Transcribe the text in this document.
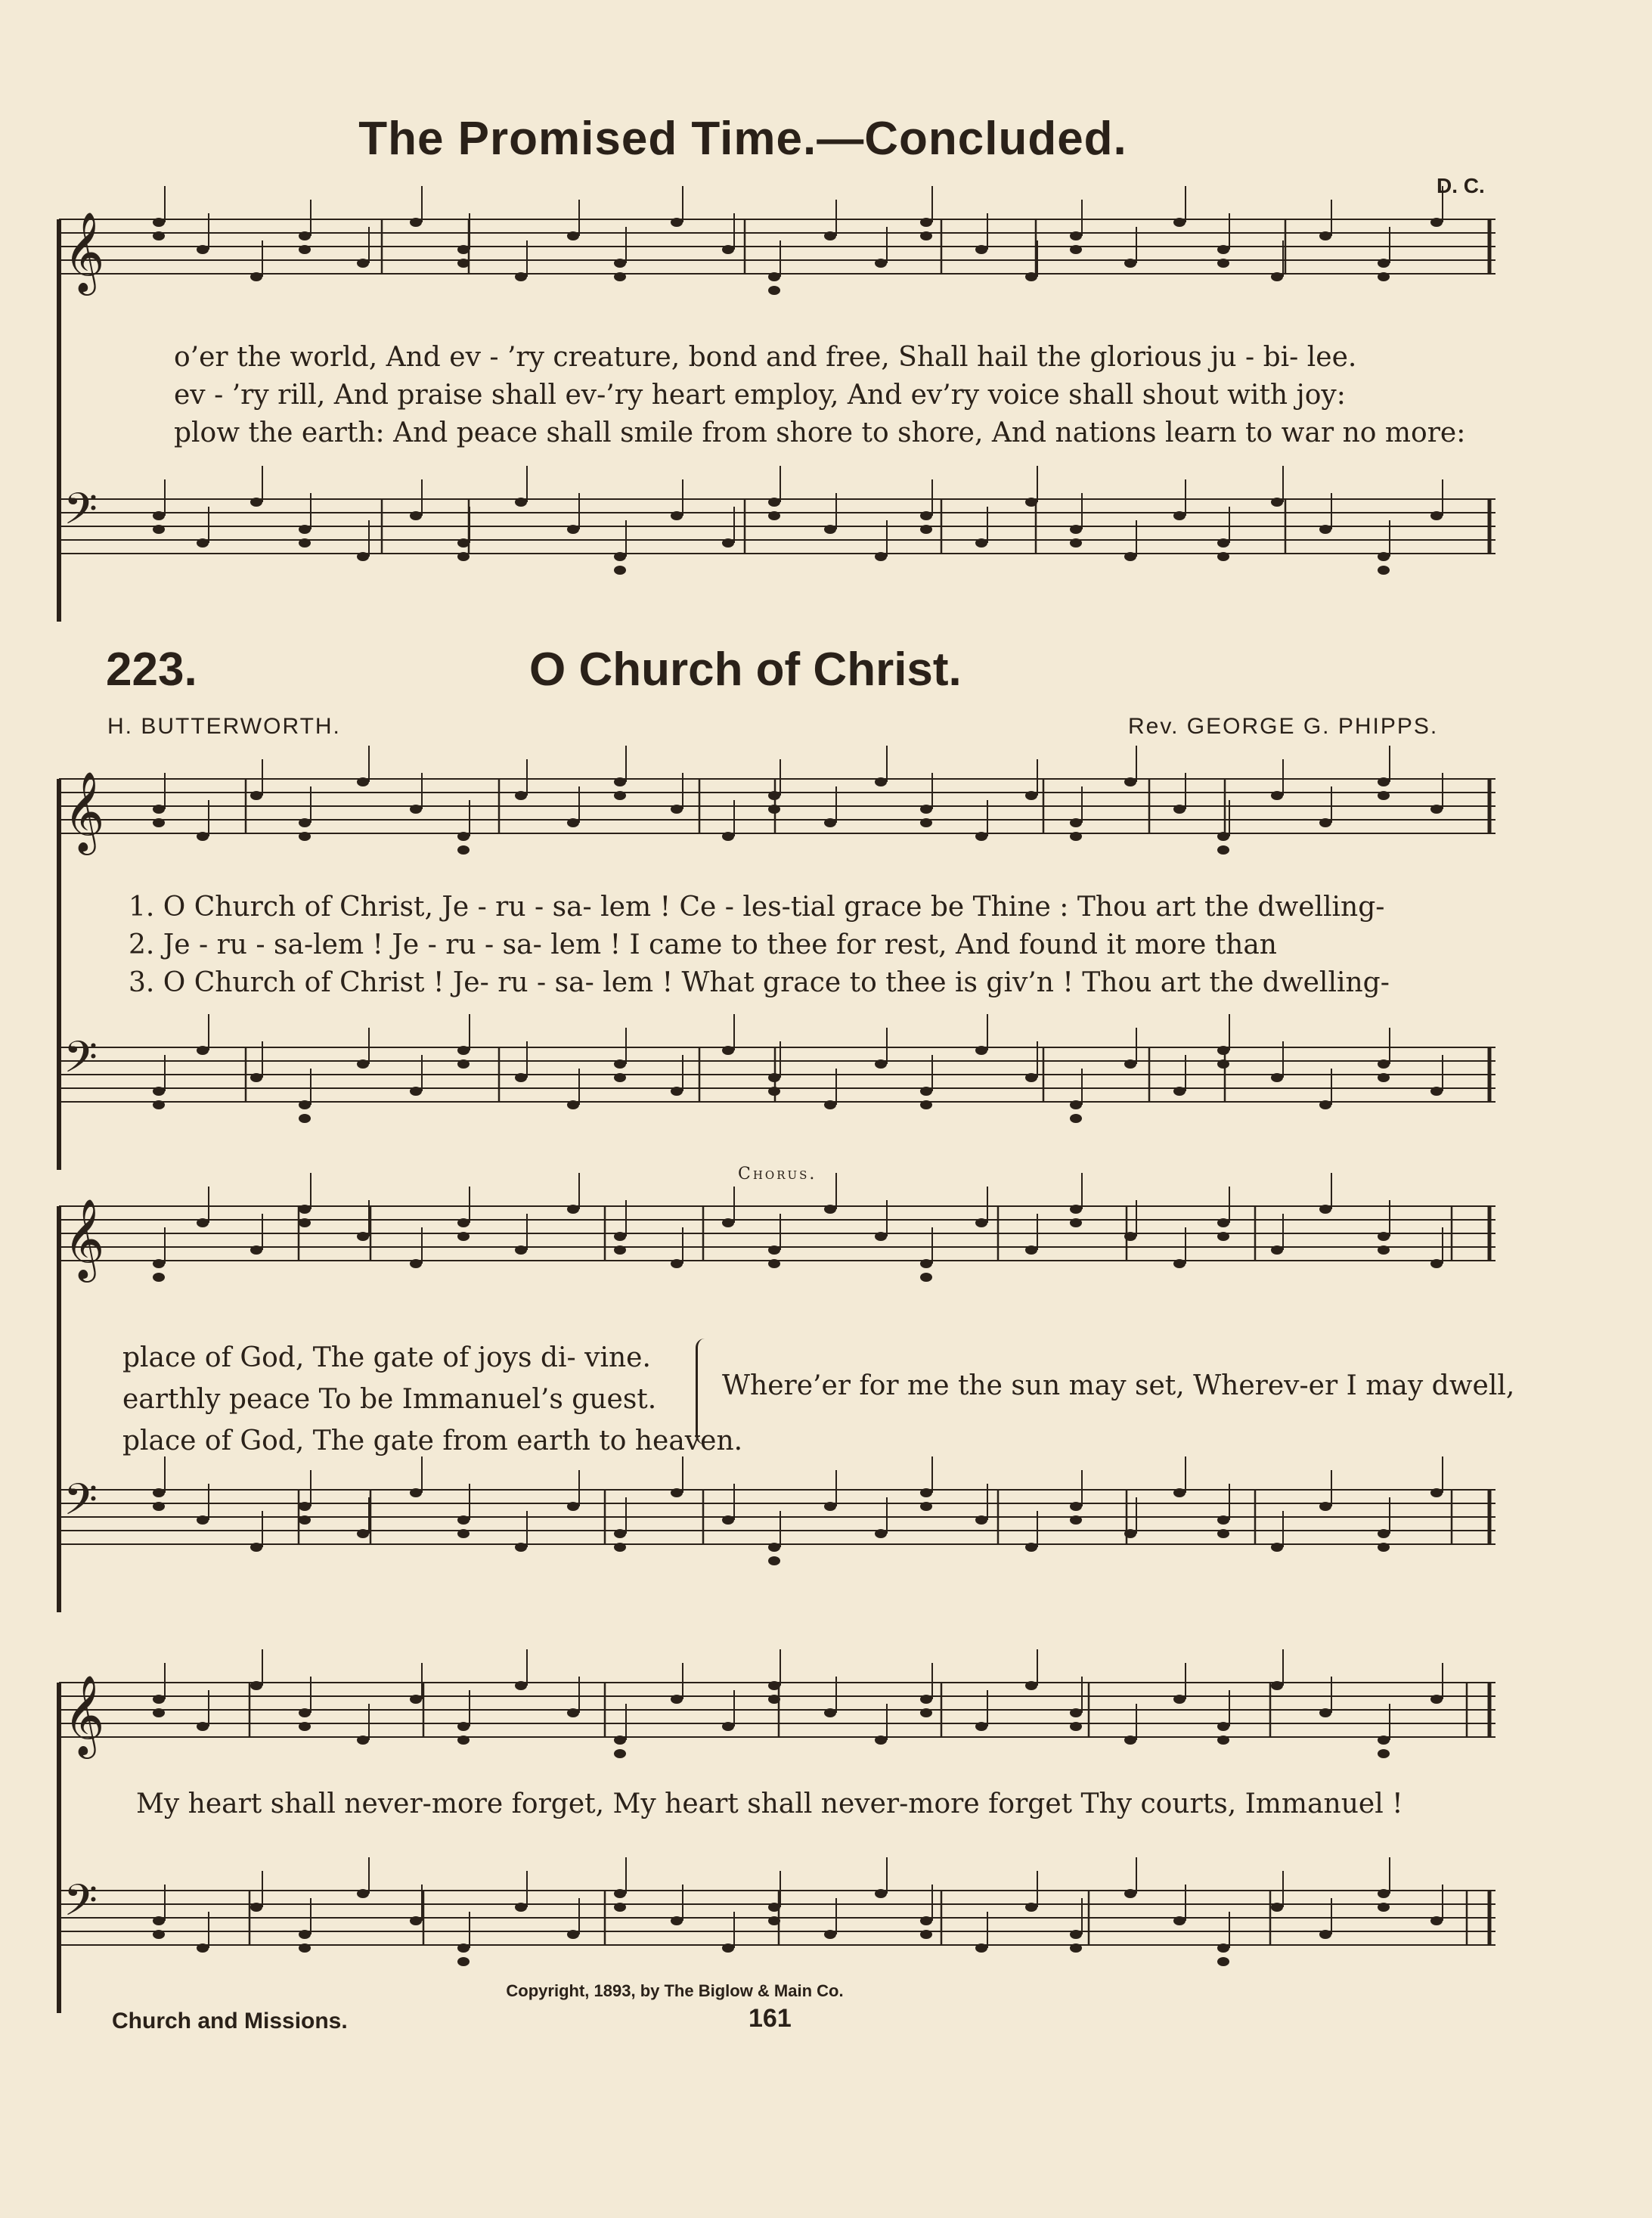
𝄞
𝄢
𝄞
𝄢
𝄞
𝄢
𝄞
𝄢
The Promised Time.—Concluded.
D. C.
o’er the world, And ev - ’ry creature, bond and free, Shall hail the glorious ju - bi- lee.
ev - ’ry rill, And praise shall ev-’ry heart employ, And ev’ry voice shall shout with joy:
plow the earth: And peace shall smile from shore to shore, And nations learn to war no more:
223.	O Church of Christ.
H. BUTTERWORTH.	Rev. GEORGE G. PHIPPS.
1. O Church of Christ, Je - ru - sa- lem ! Ce - les-tial grace be Thine : Thou art the dwelling-
2. Je - ru - sa-lem ! Je - ru - sa- lem ! I came to thee for rest, And found it more than
3. O Church of Christ ! Je- ru - sa- lem ! What grace to thee is giv’n ! Thou art the dwelling-
Chorus.
place of God, The gate of joys di- vine.
earthly peace To be Immanuel’s guest.
place of God, The gate from earth to heaven.
Where’er for me the sun may set, Wherev-er I may dwell,
My heart shall never-more forget, My heart shall never-more forget Thy courts, Immanuel !
Copyright, 1893, by The Biglow & Main Co.
Church and Missions.	161
